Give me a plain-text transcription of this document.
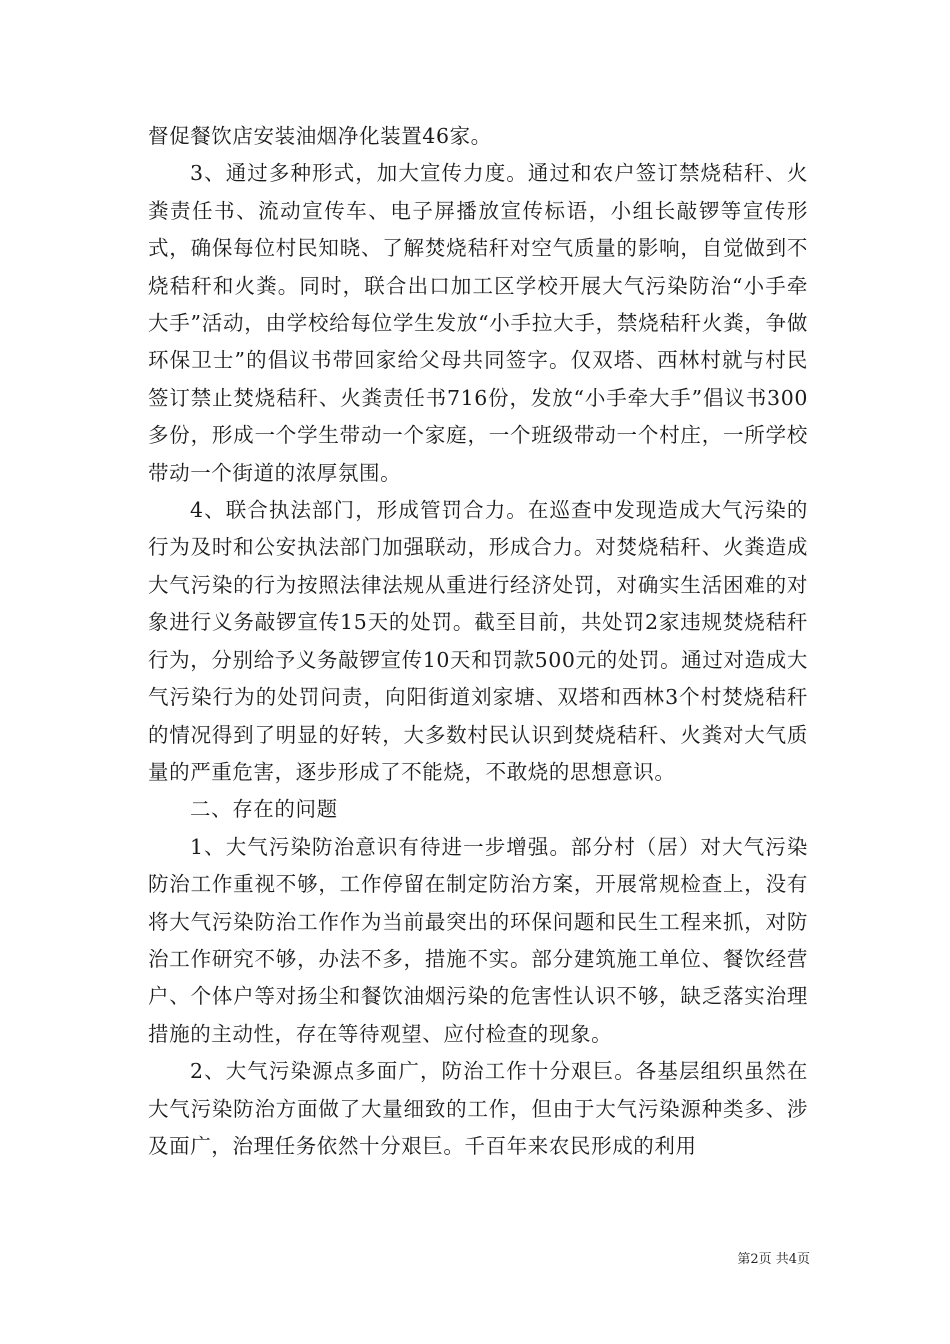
督促餐饮店安装油烟净化装置46家。

3、通过多种形式，加大宣传力度。通过和农户签订禁烧秸秆、火粪责任书、流动宣传车、电子屏播放宣传标语，小组长敲锣等宣传形式，确保每位村民知晓、了解焚烧秸秆对空气质量的影响，自觉做到不烧秸秆和火粪。同时，联合出口加工区学校开展大气污染防治“小手牵大手”活动，由学校给每位学生发放“小手拉大手，禁烧秸秆火粪，争做环保卫士”的倡议书带回家给父母共同签字。仅双塔、西林村就与村民签订禁止焚烧秸秆、火粪责任书716份，发放“小手牵大手”倡议书300多份，形成一个学生带动一个家庭，一个班级带动一个村庄，一所学校带动一个街道的浓厚氛围。

4、联合执法部门，形成管罚合力。在巡查中发现造成大气污染的行为及时和公安执法部门加强联动，形成合力。对焚烧秸秆、火粪造成大气污染的行为按照法律法规从重进行经济处罚，对确实生活困难的对象进行义务敲锣宣传15天的处罚。截至目前，共处罚2家违规焚烧秸秆行为，分别给予义务敲锣宣传10天和罚款500元的处罚。通过对造成大气污染行为的处罚问责，向阳街道刘家塘、双塔和西林3个村焚烧秸秆的情况得到了明显的好转，大多数村民认识到焚烧秸秆、火粪对大气质量的严重危害，逐步形成了不能烧，不敢烧的思想意识。

二、存在的问题

1、大气污染防治意识有待进一步增强。部分村（居）对大气污染防治工作重视不够，工作停留在制定防治方案，开展常规检查上，没有将大气污染防治工作作为当前最突出的环保问题和民生工程来抓，对防治工作研究不够，办法不多，措施不实。部分建筑施工单位、餐饮经营户、个体户等对扬尘和餐饮油烟污染的危害性认识不够，缺乏落实治理措施的主动性，存在等待观望、应付检查的现象。

2、大气污染源点多面广，防治工作十分艰巨。各基层组织虽然在大气污染防治方面做了大量细致的工作，但由于大气污染源种类多、涉及面广，治理任务依然十分艰巨。千百年来农民形成的利用

第2页 共4页
